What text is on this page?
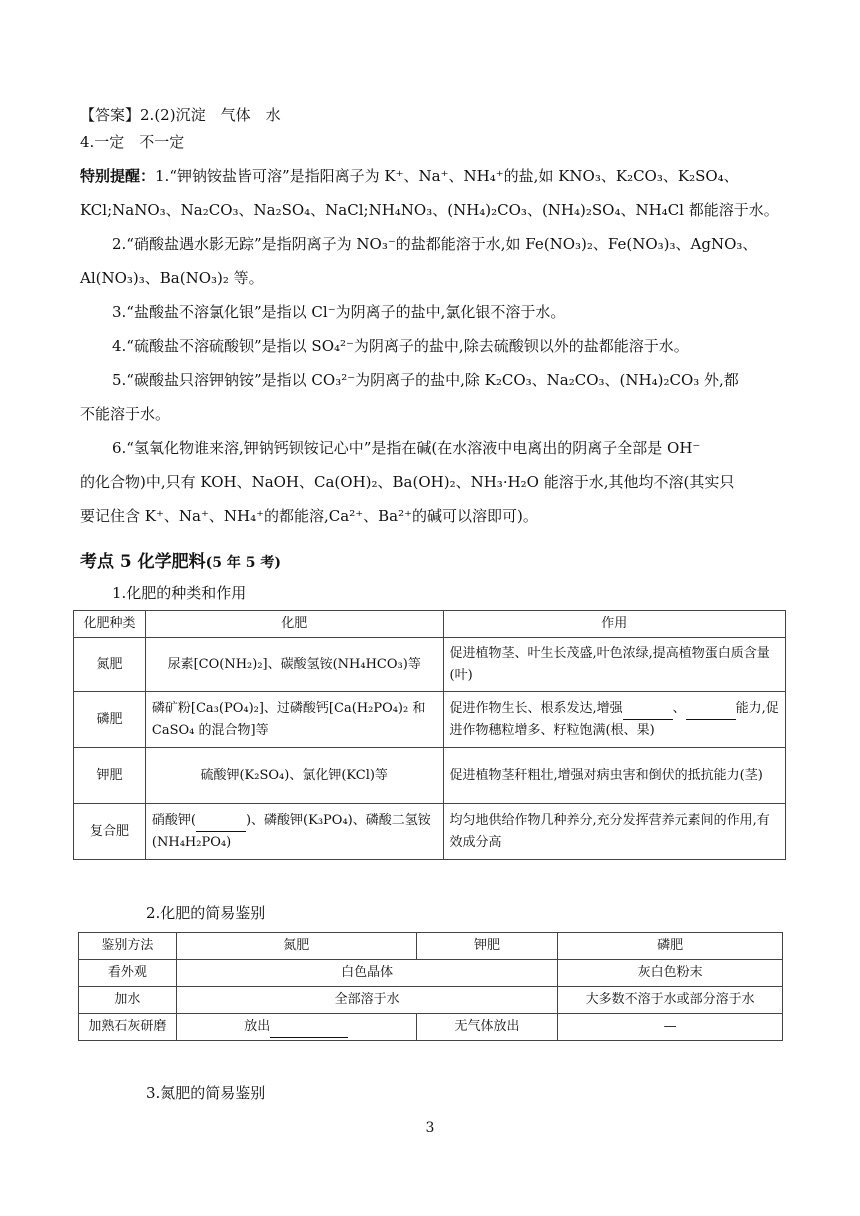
【答案】2.(2)沉淀　气体　水
4.一定　不一定

特别提醒：1.“钾钠铵盐皆可溶”是指阳离子为 K⁺、Na⁺、NH₄⁺的盐,如 KNO₃、K₂CO₃、K₂SO₄、

KCl;NaNO₃、Na₂CO₃、Na₂SO₄、NaCl;NH₄NO₃、(NH₄)₂CO₃、(NH₄)₂SO₄、NH₄Cl 都能溶于水。

2.“硝酸盐遇水影无踪”是指阴离子为 NO₃⁻的盐都能溶于水,如 Fe(NO₃)₂、Fe(NO₃)₃、AgNO₃、

Al(NO₃)₃、Ba(NO₃)₂ 等。

3.“盐酸盐不溶氯化银”是指以 Cl⁻为阴离子的盐中,氯化银不溶于水。

4.“硫酸盐不溶硫酸钡”是指以 SO₄²⁻为阴离子的盐中,除去硫酸钡以外的盐都能溶于水。

5.“碳酸盐只溶钾钠铵”是指以 CO₃²⁻为阴离子的盐中,除 K₂CO₃、Na₂CO₃、(NH₄)₂CO₃ 外,都

不能溶于水。

6.“氢氧化物谁来溶,钾钠钙钡铵记心中”是指在碱(在水溶液中电离出的阴离子全部是 OH⁻

的化合物)中,只有 KOH、NaOH、Ca(OH)₂、Ba(OH)₂、NH₃·H₂O 能溶于水,其他均不溶(其实只

要记住含 K⁺、Na⁺、NH₄⁺的都能溶,Ca²⁺、Ba²⁺的碱可以溶即可)。

考点 5 化学肥料(5 年 5 考)
1.化肥的种类和作用
化肥种类	化肥	作用
氮肥	尿素[CO(NH₂)₂]、碳酸氢铵(NH₄HCO₃)等	促进植物茎、叶生长茂盛,叶色浓绿,提高植物蛋白质含量(叶)
磷肥	磷矿粉[Ca₃(PO₄)₂]、过磷酸钙[Ca(H₂PO₄)₂ 和 CaSO₄ 的混合物]等	促进作物生长、根系发达,增强 、 能力,促进作物穗粒增多、籽粒饱满(根、果)
钾肥	硫酸钾(K₂SO₄)、氯化钾(KCl)等	促进植物茎秆粗壮,增强对病虫害和倒伏的抵抗能力(茎)
复合肥	硝酸钾( )、磷酸钾(K₃PO₄)、磷酸二氢铵(NH₄H₂PO₄)	均匀地供给作物几种养分,充分发挥营养元素间的作用,有效成分高
2.化肥的简易鉴别
鉴别方法	氮肥	钾肥	磷肥
看外观	白色晶体		灰白色粉末
加水	全部溶于水		大多数不溶于水或部分溶于水
加熟石灰研磨	放出	无气体放出	—
3.氮肥的简易鉴别
3
